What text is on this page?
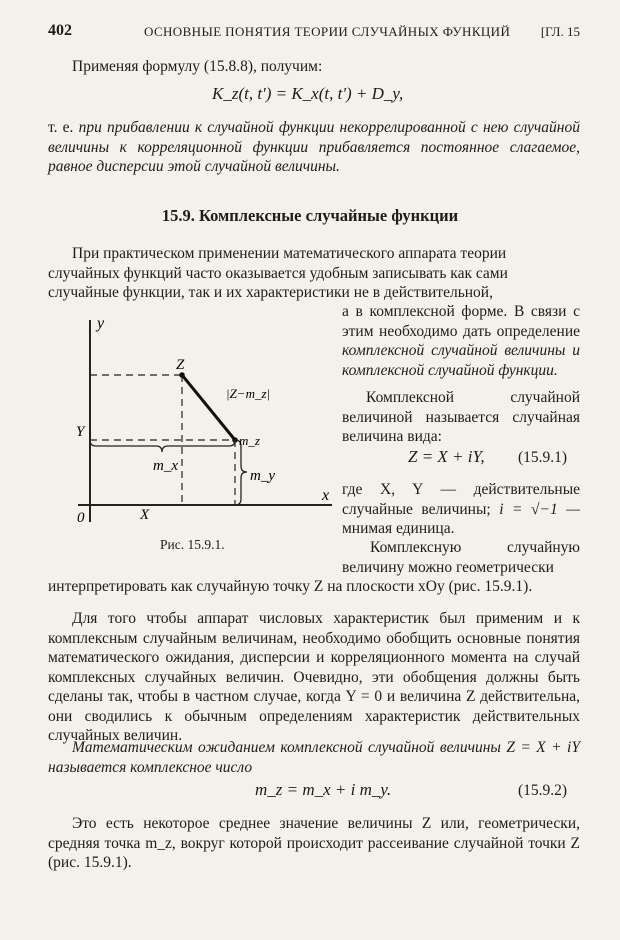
402	ОСНОВНЫЕ ПОНЯТИЯ ТЕОРИИ СЛУЧАЙНЫХ ФУНКЦИЙ [ГЛ. 15
Применяя формулу (15.8.8), получим:
K_z(t, t') = K_x(t, t') + D_y,
т. е. при прибавлении к случайной функции некоррелированной с нею случайной величины к корреляционной функции прибавляется постоянное слагаемое, равное дисперсии этой случайной величины.
15.9. Комплексные случайные функции
При практическом применении математического аппарата теории
случайных функций часто оказывается удобным записывать как сами
случайные функции, так и их характеристики не в действительной,
а в комплексной форме. В связи с этим необходимо дать определение комплексной случайной величины и комплексной случайной функции.
Комплексной случайной величиной называется случайная величина вида:
Z = X + iY, (15.9.1)
где X, Y — действительные случайные величины; i = √−1 — мнимая единица.
Комплексную случайную величину можно геометрически
интерпретировать как случайную точку Z на плоскости xOy (рис. 15.9.1).
y
x
0
Z
m_z
|Z−m_z|
Y
X
m_x
m_y
Рис. 15.9.1.
Для того чтобы аппарат числовых характеристик был применим и к комплексным случайным величинам, необходимо обобщить основные понятия математического ожидания, дисперсии и корреляционного момента на случай комплексных случайных величин. Очевидно, эти обобщения должны быть сделаны так, чтобы в частном случае, когда Y = 0 и величина Z действительна, они сводились к обычным определениям характеристик действительных случайных величин.
Математическим ожиданием комплексной случайной величины Z = X + iY называется комплексное число
m_z = m_x + i m_y.	(15.9.2)
Это есть некоторое среднее значение величины Z или, геометрически, средняя точка m_z, вокруг которой происходит рассеивание случайной точки Z (рис. 15.9.1).
